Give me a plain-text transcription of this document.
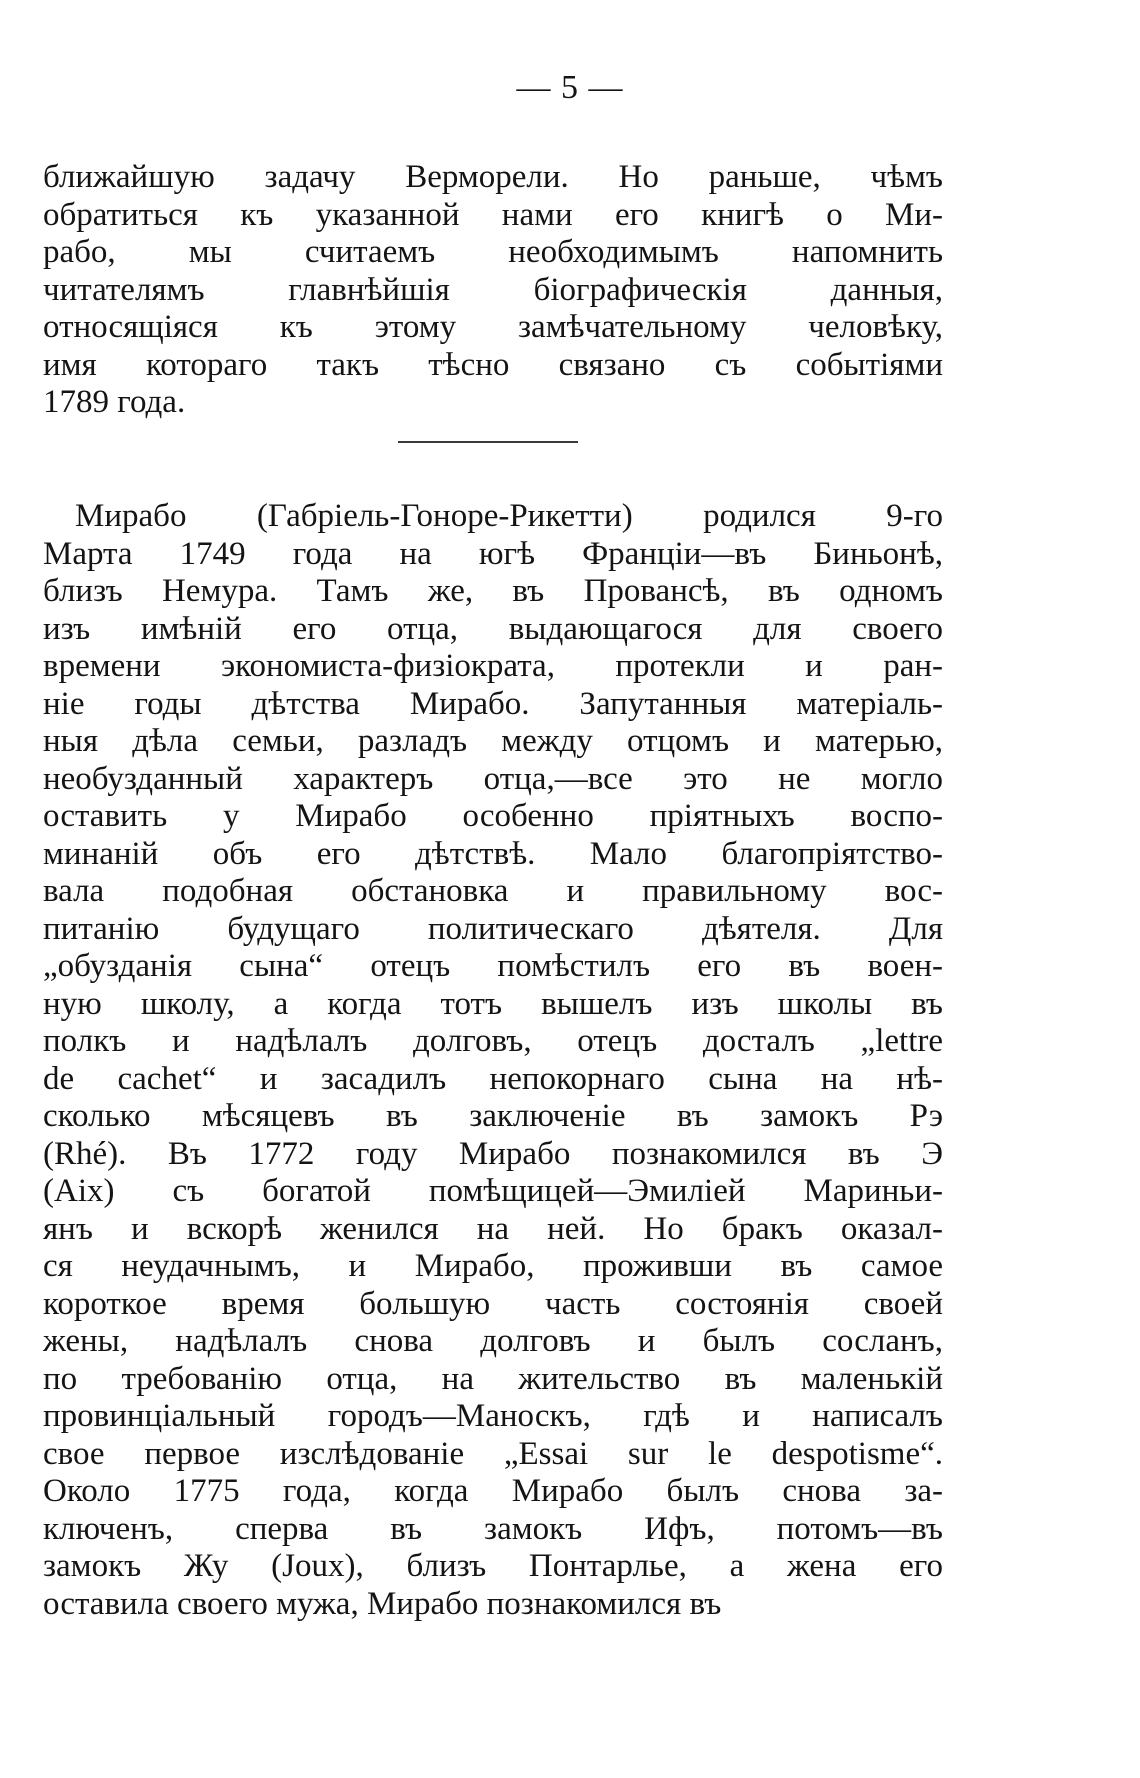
— 5 —
ближайшую задачу Верморели. Но раньше, чѣмъ
обратиться къ указанной нами его книгѣ о Ми-
рабо, мы считаемъ необходимымъ напомнить
читателямъ главнѣйшія біографическія данныя,
относящіяся къ этому замѣчательному человѣку,
имя котораго такъ тѣсно связано съ событіями
1789 года.
Мирабо (Габріель-Гоноре-Рикетти) родился 9-го
Марта 1749 года на югѣ Франціи—въ Биньонѣ,
близъ Немура. Тамъ же, въ Провансѣ, въ одномъ
изъ имѣній его отца, выдающагося для своего
времени экономиста-физіократа, протекли и ран-
ніе годы дѣтства Мирабо. Запутанныя матеріаль-
ныя дѣла семьи, разладъ между отцомъ и матерью,
необузданный характеръ отца,—все это не могло
оставить у Мирабо особенно пріятныхъ воспо-
минаній объ его дѣтствѣ. Мало благопріятство-
вала подобная обстановка и правильному вос-
питанію будущаго политическаго дѣятеля. Для
„обузданія сына“ отецъ помѣстилъ его въ воен-
ную школу, а когда тотъ вышелъ изъ школы въ
полкъ и надѣлалъ долговъ, отецъ досталъ „lettre
de cachet“ и засадилъ непокорнаго сына на нѣ-
сколько мѣсяцевъ въ заключеніе въ замокъ Рэ
(Rhé). Въ 1772 году Мирабо познакомился въ Э
(Aix) съ богатой помѣщицей—Эмиліей Мариньи-
янъ и вскорѣ женился на ней. Но бракъ оказал-
ся неудачнымъ, и Мирабо, проживши въ самое
короткое время большую часть состоянія своей
жены, надѣлалъ снова долговъ и былъ сосланъ,
по требованію отца, на жительство въ маленькій
провинціальный городъ—Маноскъ, гдѣ и написалъ
свое первое изслѣдованіе „Essai sur le despotisme“.
Около 1775 года, когда Мирабо былъ снова за-
ключенъ, сперва въ замокъ Ифъ, потомъ—въ
замокъ Жу (Joux), близъ Понтарлье, а жена его
оставила своего мужа, Мирабо познакомился въ
